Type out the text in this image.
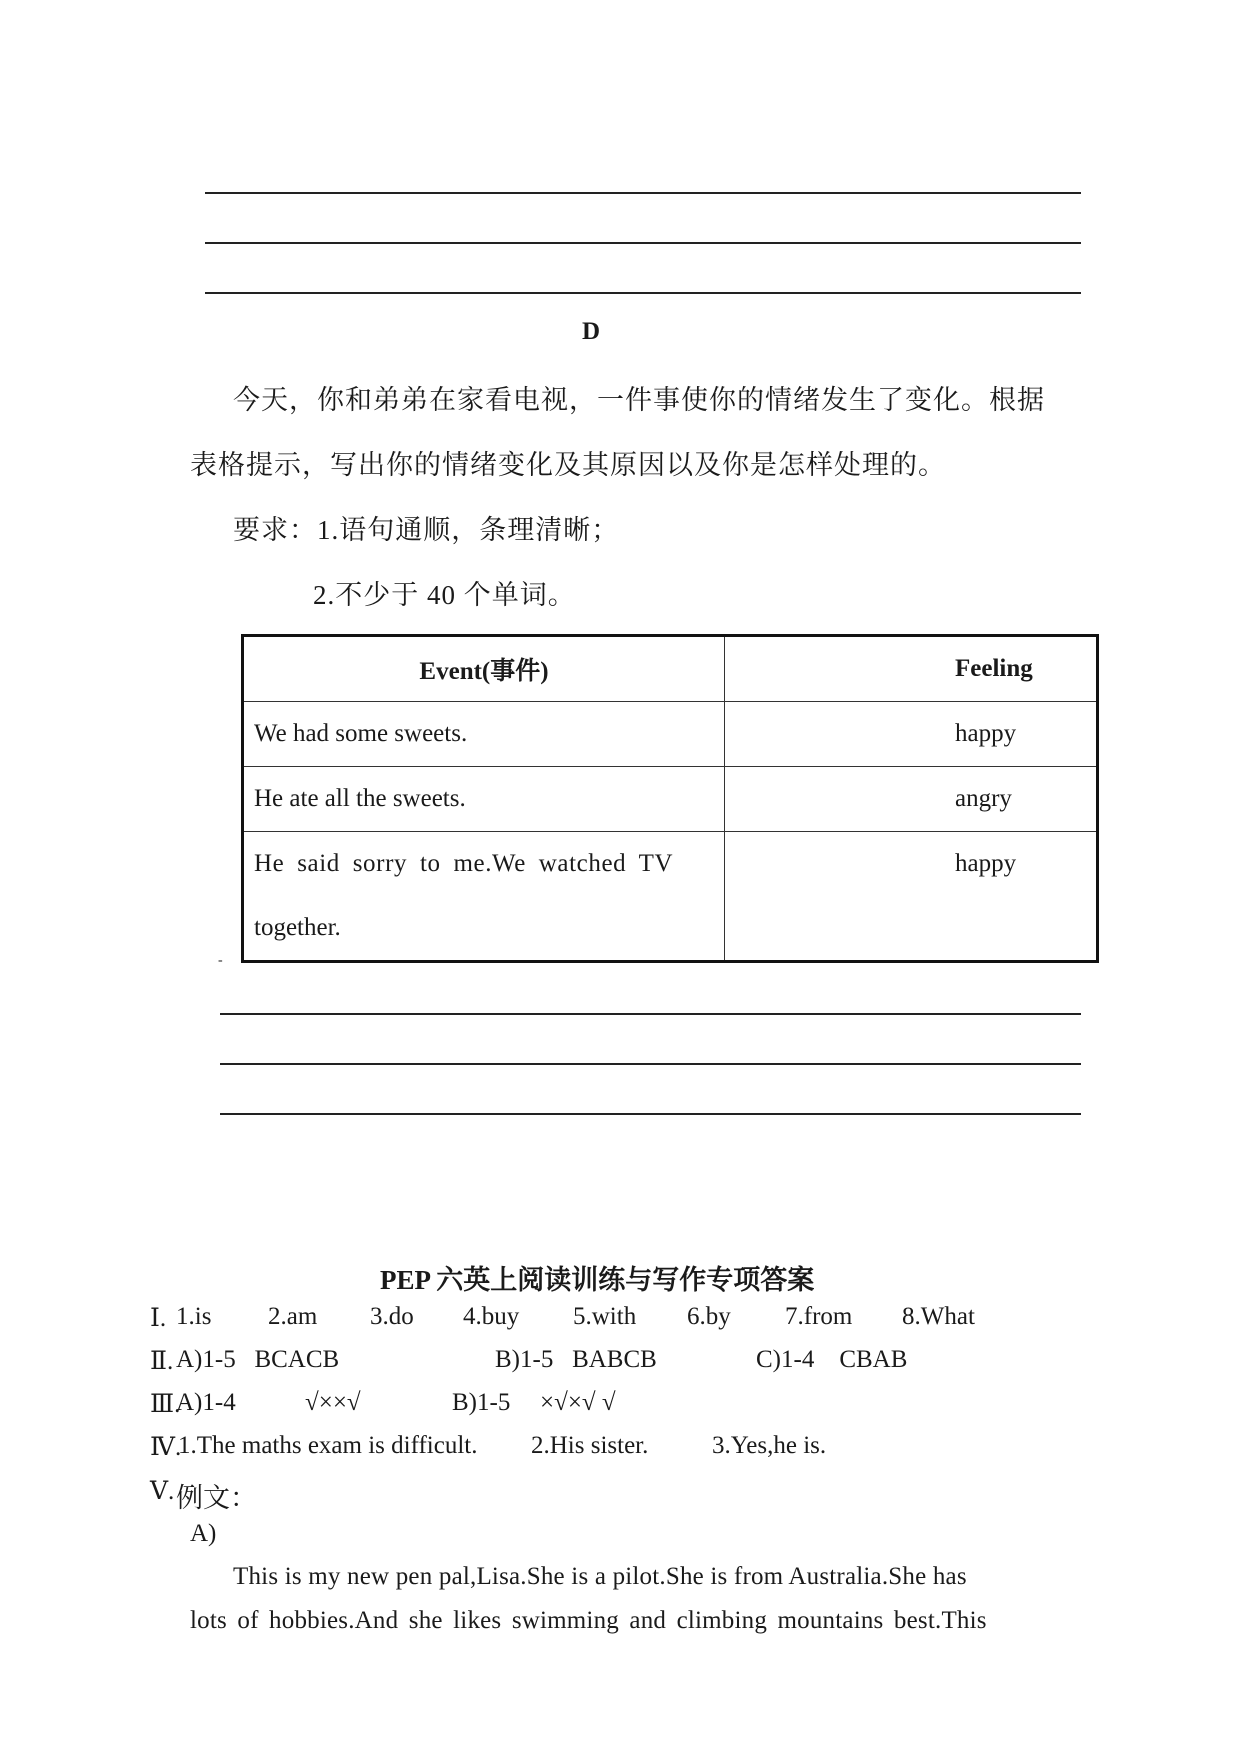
D
今天，你和弟弟在家看电视，一件事使你的情绪发生了变化。根据
表格提示，写出你的情绪变化及其原因以及你是怎样处理的。
要求：1.语句通顺，条理清晰；
2.不少于 40 个单词。
Event(事件)	Feeling
We had some sweets.	happy
He ate all the sweets.	angry

He said sorry to me.We watched TV
together.	happy
-
PEP 六英上阅读训练与写作专项答案
Ⅰ. 1.is 2.am 3.do 4.buy 5.with 6.by 7.from 8.What
Ⅱ. A)1-5   BCACB	B)1-5   BABCB	C)1-4    CBAB
Ⅲ.
A)1-4	√××√	B)1-5 ×√×√ √
Ⅳ.
1.The maths exam is difficult. 2.His sister.	3.Yes,he is.
Ⅴ. 例文：
A)
This is my new pen pal,Lisa.She is a pilot.She is from Australia.She has
lots of hobbies.And she likes swimming and climbing mountains best.This
